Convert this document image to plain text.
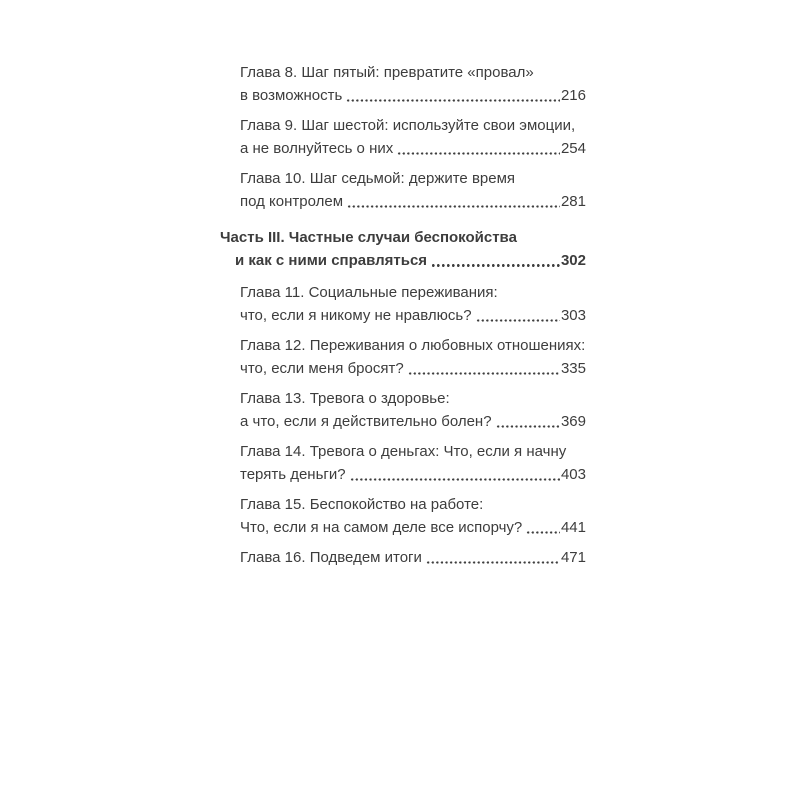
Глава 8. Шаг пятый: превратите «провал»
в возможность	216
Глава 9. Шаг шестой: используйте свои эмоции,
а не волнуйтесь о них	254
Глава 10. Шаг седьмой: держите время
под контролем	281
Часть III. Частные случаи беспокойства
и как с ними справляться	302
Глава 11. Социальные переживания:
что, если я никому не нравлюсь?	303
Глава 12. Переживания о любовных отношениях:
что, если меня бросят?	335
Глава 13. Тревога о здоровье:
а что, если я действительно болен?	369
Глава 14. Тревога о деньгах: Что, если я начну
терять деньги?	403
Глава 15. Беспокойство на работе:
Что, если я на самом деле все испорчу?	441
Глава 16. Подведем итоги	471
